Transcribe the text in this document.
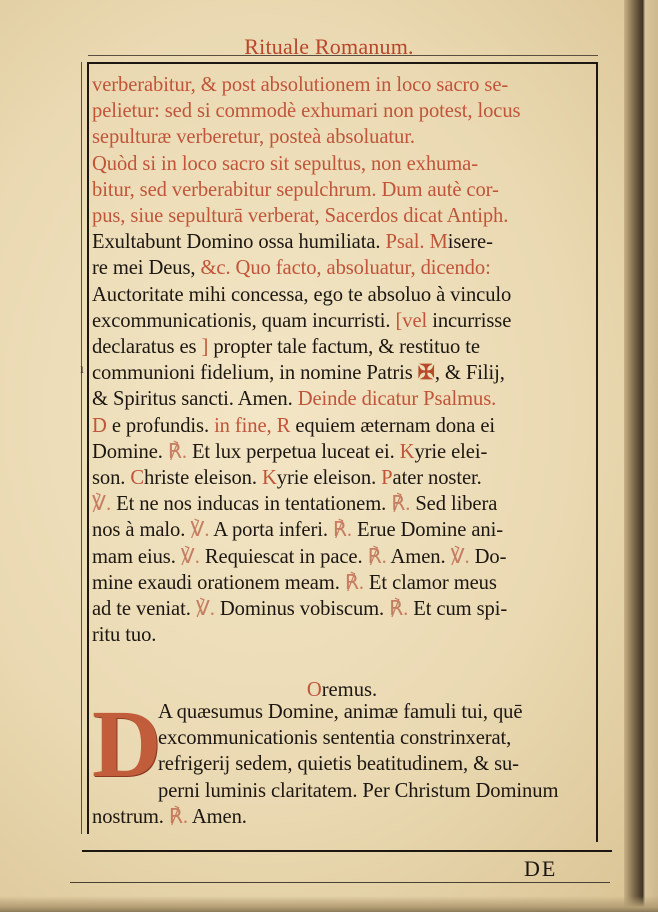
Rituale Romanum.
Oremus.
verberabitur, & post absolutionem in loco sacro se-
pelietur: sed si commodè exhumari non potest, locus
sepulturæ verberetur, posteà absoluatur.
Quòd si in loco sacro sit sepultus, non exhuma-
bitur, sed verberabitur sepulchrum. Dum autè cor-
pus, siue sepulturā verberat, Sacerdos dicat Antiph.
Exultabunt Domino ossa humiliata. Psal. Misere-
re mei Deus, &c. Quo facto, absoluatur, dicendo:
Auctoritate mihi concessa, ego te absoluo à vinculo
excommunicationis, quam incurristi. [vel incurrisse
declaratus es ] propter tale factum, & restituo te
communioni fidelium, in nomine Patris ✠, & Filij,
& Spiritus sancti. Amen. Deinde dicatur Psalmus.
D e profundis. in fine, R equiem æternam dona ei
Domine. ℟. Et lux perpetua luceat ei. Kyrie elei-
son. Christe eleison. Kyrie eleison. Pater noster.
℣. Et ne nos inducas in tentationem. ℟. Sed libera
nos à malo. ℣. A porta inferi. ℟. Erue Domine ani-
mam eius. ℣. Requiescat in pace. ℟. Amen. ℣. Do-
mine exaudi orationem meam. ℟. Et clamor meus
ad te veniat. ℣. Dominus vobiscum. ℟. Et cum spi-
ritu tuo.
A quæsumus Domine, animæ famuli tui, quē
excommunicationis sententia constrinxerat,
refrigerij sedem, quietis beatitudinem, & su-
perni luminis claritatem. Per Christum Dominum
nostrum. ℟. Amen.
D
ı
DE
